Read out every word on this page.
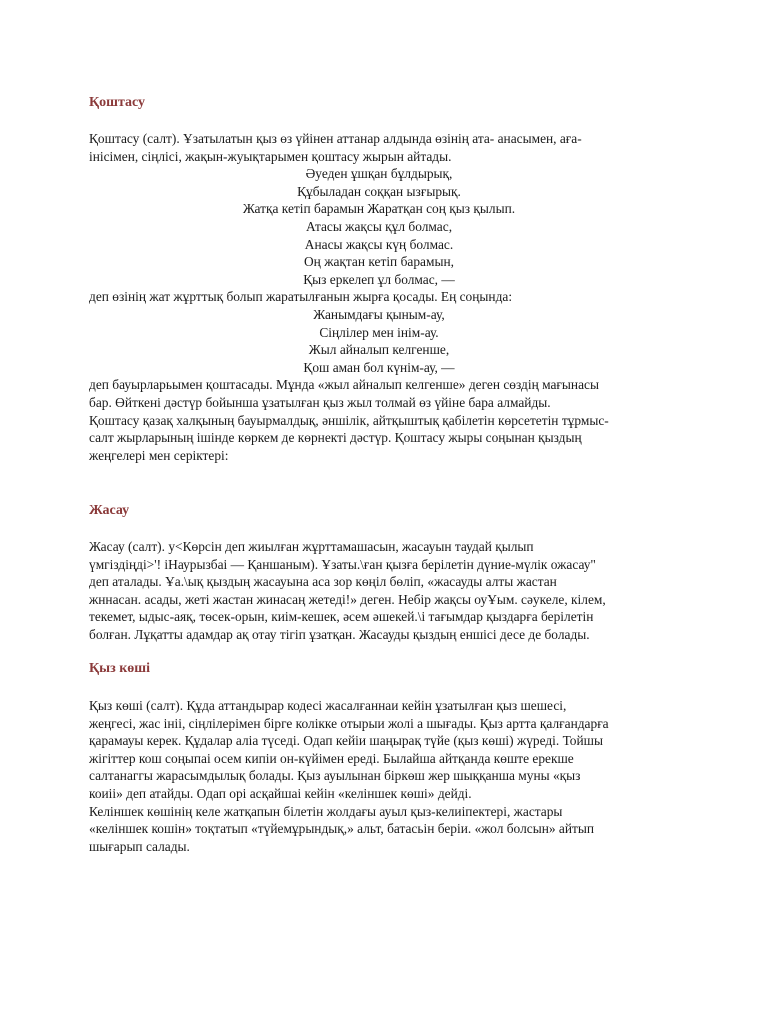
Қоштасу
Қоштасу (салт). Ұзатылатын қыз өз үйінен аттанар алдында өзінің ата- анасымен, аға-
інісімен, сіңлісі, жақын-жуықтарымен қоштасу жырын айтады.
Әуеден ұшқан бұлдырық,
Құбыладан соққан ызғырық.
Жатқа кетіп барамын Жаратқан соң қыз қылып.
Атасы жақсы құл болмас,
Анасы жақсы күң болмас.
Оң жақтан кетіп барамын,
Қыз еркелеп ұл болмас, —
деп өзінің жат жұрттық болып жаратылғанын жырға қосады. Ең соңында:
Жанымдағы қыным-ау,
Сіңлілер мен інім-ау.
Жыл айналып келгенше,
Қош аман бол күнім-ау, —
деп бауырларьымен қоштасады. Мұнда «жыл айналып келгенше» деген сөздің мағынасы
бар. Өйткені дәстүр бойынша ұзатылған қыз жыл толмай өз үйіне бара алмайды.
Қоштасу қазақ халқының бауырмалдық, әншілік, айтқыштық қабілетін көрсететін тұрмыс-
салт жырларының ішінде көркем де көрнекті дәстүр. Қоштасу жыры соңынан қыздың
жеңгелері мен серіктері:
Жасау
Жасау (салт). у<Көрсін деп жиылған жұрттамашасын, жасауын таудай қылып
үмгіздіңді>'! іНаурызбаі — Қаншаным). Ұзаты.\ған қызға берілетін дүние-мүлік ожасау"
деп аталады. Ұа.\ық қыздың жасауына аса зор көңіл бөліп, «жасауды алты жастан
жннасан. асады, жеті жастан жинасаң жетеді!» деген. Небір жақсы оуҰым. сәукеле, кілем,
текемет, ыдыс-аяқ, төсек-орын, киім-кешек, әсем әшекей.\і тағымдар қыздарға берілетін
болған. Лұқатты адамдар ақ отау тігіп ұзатқан. Жасауды қыздың еншісі десе де болады.
Қыз көші
Қыз көші (салт). Құда аттандырар кодесі жасалғаннаи кейін ұзатылған қыз шешесі,
жеңгесі, жас ініі, сіңлілерімен бірге колікке отырыи жолі а шығады. Қыз артта қалғандарға
қарамауы керек. Құдалар аліа түседі. Одап кейіи шаңырақ түйе (қыз көші) жүреді. Тойшы
жігіттер кош соңыпаі осем кипіи он-күйімен ереді. Былайша айтқанда көште ерекше
салтанаггы жарасымдылық болады. Қыз ауылынан біркөш жер шыққанша муны «қыз
коиіі» деп атайды. Одап орі асқайшаі кейін «келіншек көші» дейді.
Келіншек көшінің келе жатқапын білетін жолдағы ауыл қыз-келиіпектері, жастары
«келіншек кошін» тоқтатып «түйемұрындық,» альт, батасьін беріи. «жол болсын» айтып
шығарып салады.
